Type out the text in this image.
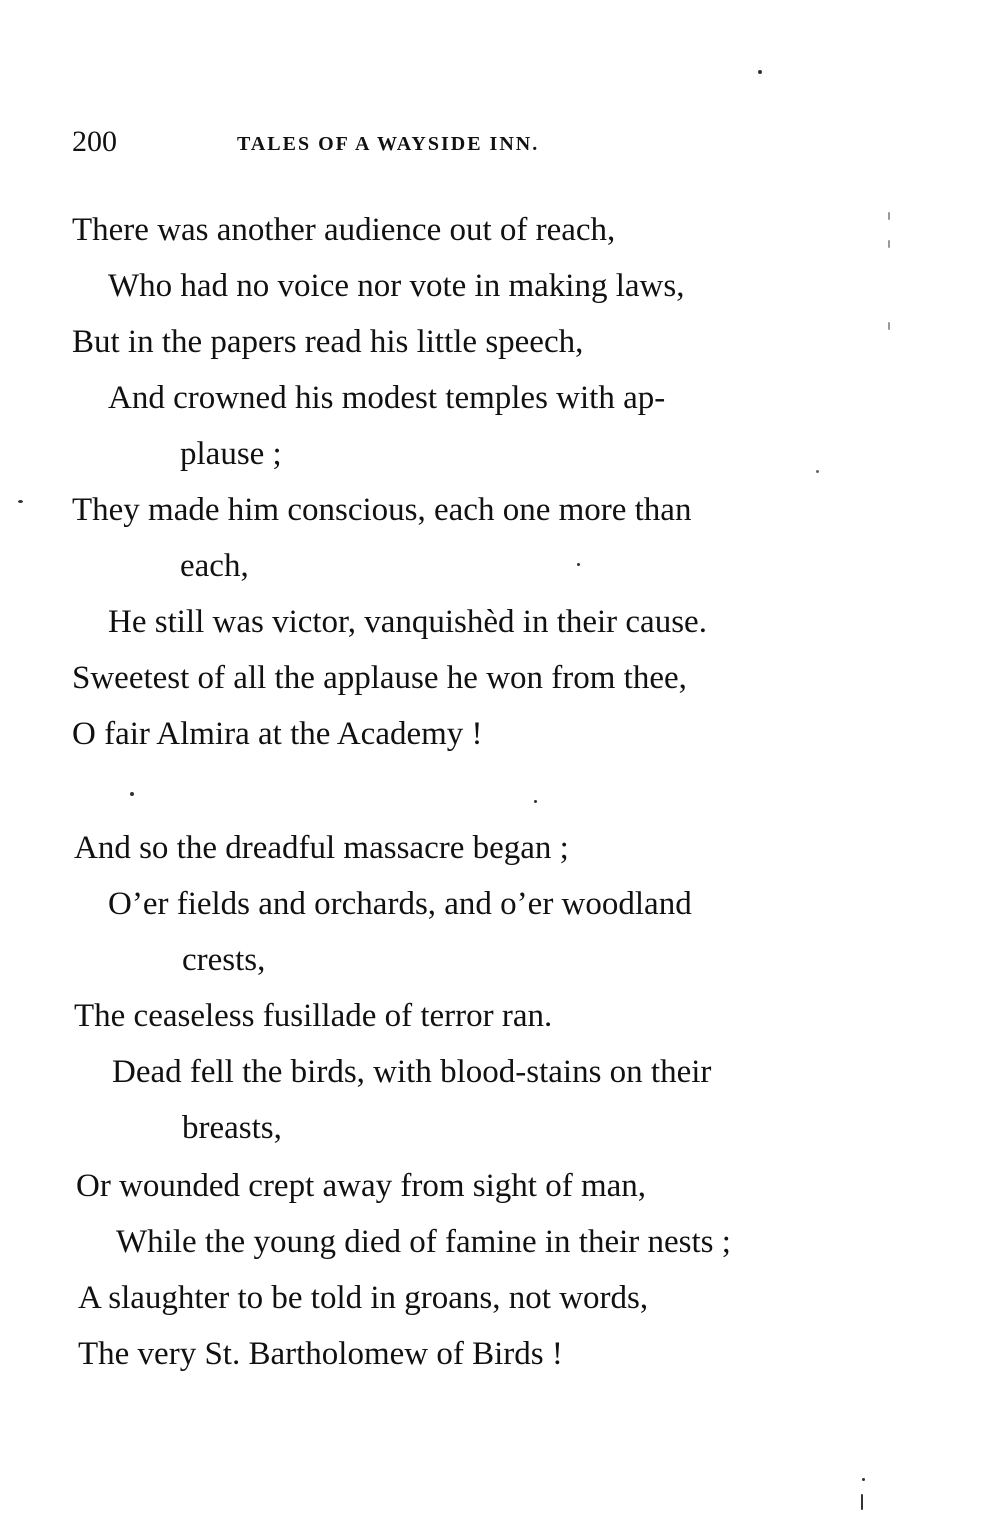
200	TALES OF A WAYSIDE INN.
There was another audience out of reach,
Who had no voice nor vote in making laws,
But in the papers read his little speech,
And crowned his modest temples with ap-
plause ;
They made him conscious, each one more than
each,
He still was victor, vanquishèd in their cause.
Sweetest of all the applause he won from thee,
O fair Almira at the Academy !
And so the dreadful massacre began ;
O’er fields and orchards, and o’er woodland
crests,
The ceaseless fusillade of terror ran.
Dead fell the birds, with blood-stains on their
breasts,
Or wounded crept away from sight of man,
While the young died of famine in their nests ;
A slaughter to be told in groans, not words,
The very St. Bartholomew of Birds !
